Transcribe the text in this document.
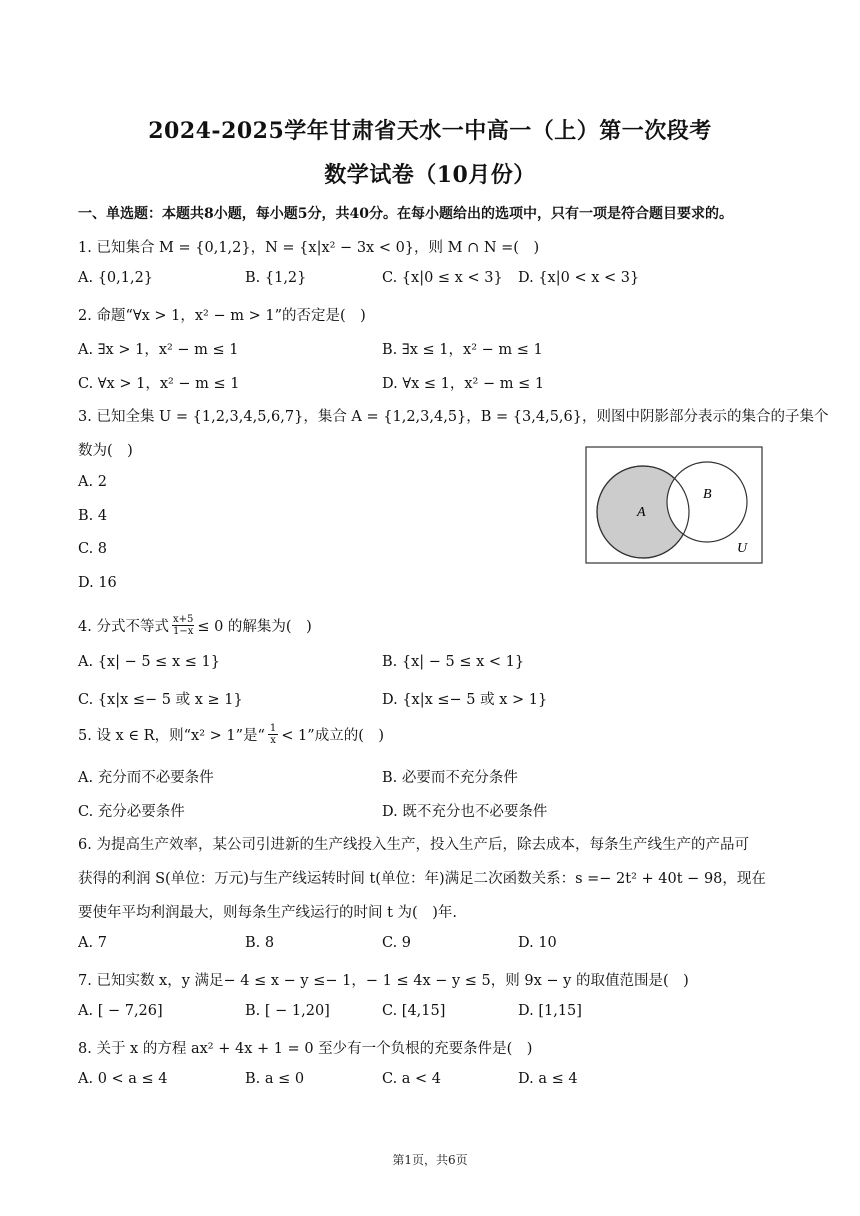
2024-2025学年甘肃省天水一中高一（上）第一次段考
数学试卷（10月份）
一、单选题：本题共8小题，每小题5分，共40分。在每小题给出的选项中，只有一项是符合题目要求的。
1. 已知集合 M = {0,1,2}，N = {x|x² − 3x < 0}，则 M ∩ N =(　)
A. {0,1,2}	B. {1,2}	C. {x|0 ≤ x < 3} D. {x|0 < x < 3}
2. 命题“∀x > 1，x² − m > 1”的否定是(　)
A. ∃x > 1，x² − m ≤ 1	B. ∃x ≤ 1，x² − m ≤ 1
C. ∀x > 1，x² − m ≤ 1	D. ∀x ≤ 1，x² − m ≤ 1
3. 已知全集 U = {1,2,3,4,5,6,7}，集合 A = {1,2,3,4,5}，B = {3,4,5,6}，则图中阴影部分表示的集合的子集个
数为(　)
A. 2
B. 4
C. 8
D. 16
A
B
U
4. 分式不等式 $\frac{x+5}{1-x} \le 0$ 的解集为(　)
A. {x| − 5 ≤ x ≤ 1}	B. {x| − 5 ≤ x < 1}
C. {x|x ≤− 5 或 x ≥ 1}	D. {x|x ≤− 5 或 x > 1}
5. 设 x ∈ R，则“x² > 1”是“ $\frac{1}{x} < 1$”成立的(　)
A. 充分而不必要条件	B. 必要而不充分条件
C. 充分必要条件	D. 既不充分也不必要条件
6. 为提高生产效率，某公司引进新的生产线投入生产，投入生产后，除去成本，每条生产线生产的产品可
获得的利润 S(单位：万元)与生产线运转时间 t(单位：年)满足二次函数关系：s =− 2t² + 40t − 98，现在
要使年平均利润最大，则每条生产线运行的时间 t 为(　)年.
A. 7	B. 8	C. 9	D. 10
7. 已知实数 x，y 满足− 4 ≤ x − y ≤− 1，− 1 ≤ 4x − y ≤ 5，则 9x − y 的取值范围是(　)
A. [ − 7,26]	B. [ − 1,20]	C. [4,15]	D. [1,15]
8. 关于 x 的方程 ax² + 4x + 1 = 0 至少有一个负根的充要条件是(　)
A. 0 < a ≤ 4	B. a ≤ 0	C. a < 4	D. a ≤ 4
第1页，共6页
